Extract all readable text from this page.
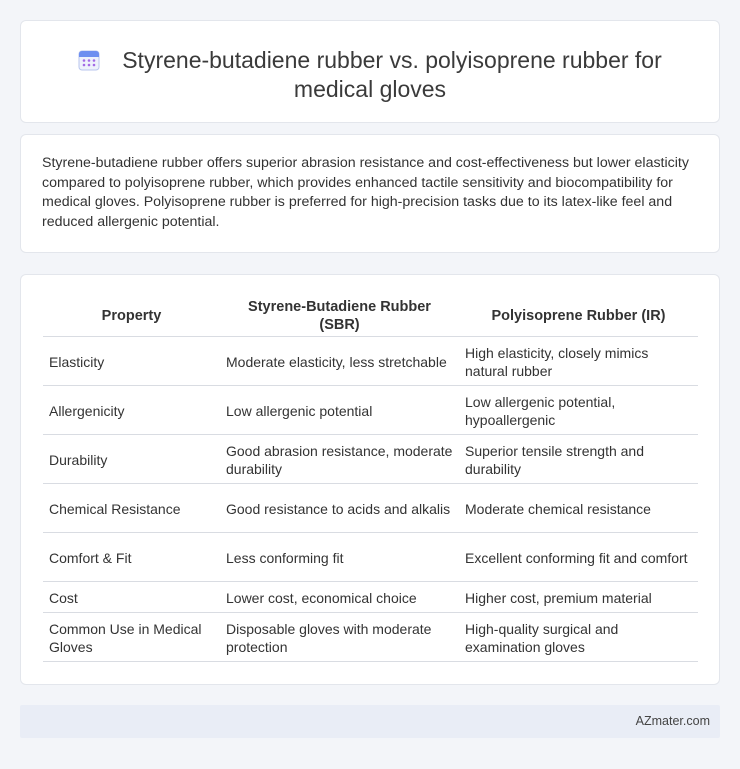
Styrene-butadiene rubber vs. polyisoprene rubber for medical gloves

Styrene-butadiene rubber offers superior abrasion resistance and cost-effectiveness but lower elasticity compared to polyisoprene rubber, which provides enhanced tactile sensitivity and biocompatibility for medical gloves. Polyisoprene rubber is preferred for high-precision tasks due to its latex-like feel and reduced allergenic potential.

Property	Styrene-Butadiene Rubber (SBR)	Polyisoprene Rubber (IR)
Elasticity	Moderate elasticity, less stretchable	High elasticity, closely mimics natural rubber
Allergenicity	Low allergenic potential	Low allergenic potential, hypoallergenic
Durability	Good abrasion resistance, moderate durability	Superior tensile strength and durability
Chemical Resistance	Good resistance to acids and alkalis	Moderate chemical resistance
Comfort & Fit	Less conforming fit	Excellent conforming fit and comfort
Cost	Lower cost, economical choice	Higher cost, premium material
Common Use in Medical Gloves	Disposable gloves with moderate protection	High-quality surgical and examination gloves
AZmater.com
